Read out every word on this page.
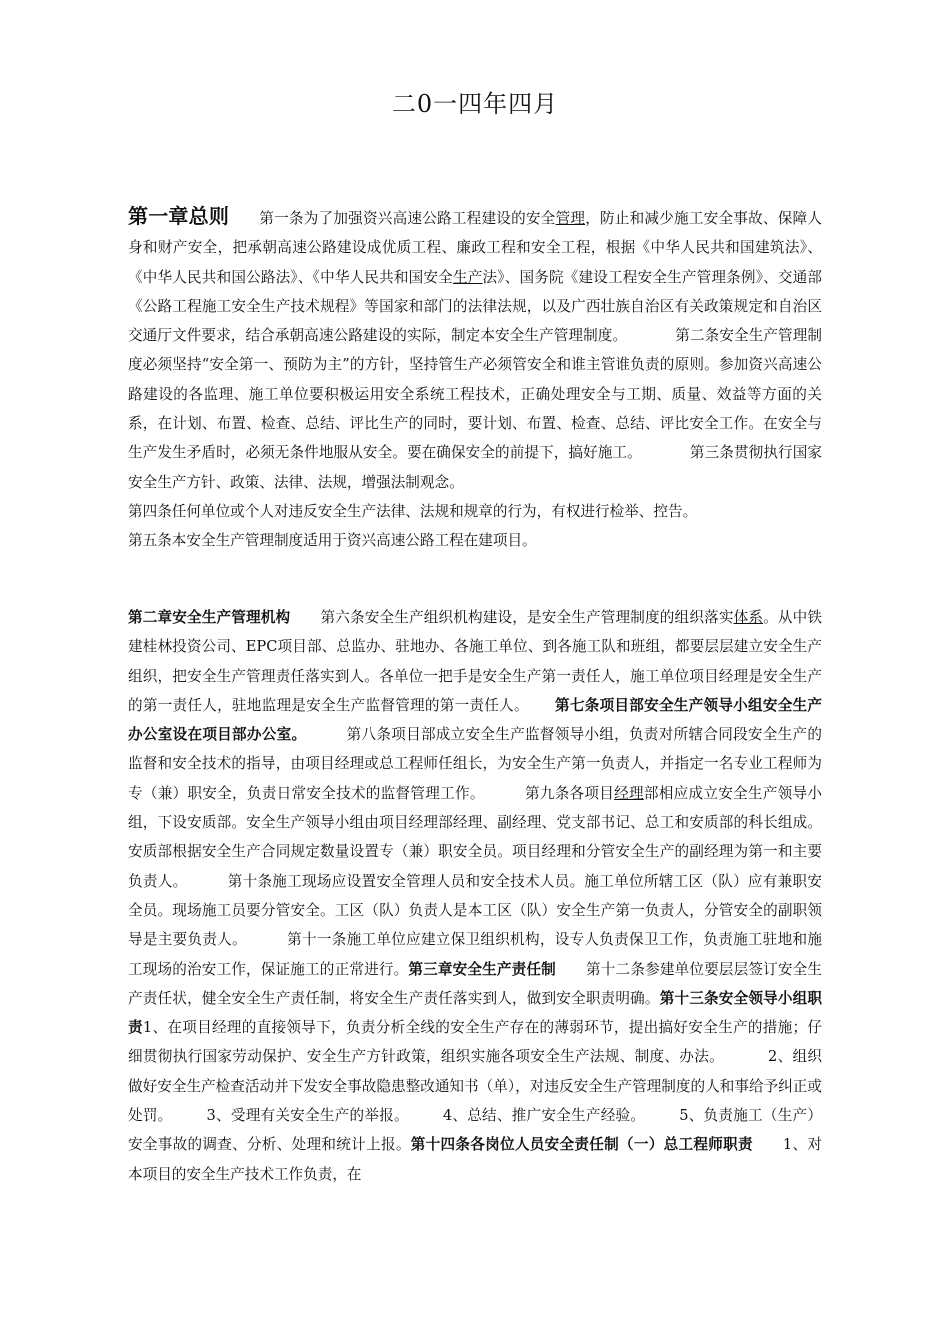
二0一四年四月
第一章总则 第一条为了加强资兴高速公路工程建设的安全管理，防止和减少施工安全事故、保障人身和财产安全，把承朝高速公路建设成优质工程、廉政工程和安全工程，根据《中华人民共和国建筑法》、《中华人民共和国公路法》、《中华人民共和国安全生产法》、国务院《建设工程安全生产管理条例》、交通部《公路工程施工安全生产技术规程》等国家和部门的法律法规，以及广西壮族自治区有关政策规定和自治区交通厅文件要求，结合承朝高速公路建设的实际，制定本安全生产管理制度。	第二条安全生产管理制度必须坚持“安全第一、预防为主”的方针，坚持管生产必须管安全和谁主管谁负责的原则。参加资兴高速公路建设的各监理、施工单位要积极运用安全系统工程技术，正确处理安全与工期、质量、效益等方面的关系，在计划、布置、检查、总结、评比生产的同时，要计划、布置、检查、总结、评比安全工作。在安全与生产发生矛盾时，必须无条件地服从安全。要在确保安全的前提下，搞好施工。	第三条贯彻执行国家安全生产方针、政策、法律、法规，增强法制观念。
第四条任何单位或个人对违反安全生产法律、法规和规章的行为，有权进行检举、控告。
第五条本安全生产管理制度适用于资兴高速公路工程在建项目。
第二章安全生产管理机构 第六条安全生产组织机构建设，是安全生产管理制度的组织落实体系。从中铁建桂林投资公司、EPC项目部、总监办、驻地办、各施工单位、到各施工队和班组，都要层层建立安全生产组织，把安全生产管理责任落实到人。各单位一把手是安全生产第一责任人，施工单位项目经理是安全生产的第一责任人，驻地监理是安全生产监督管理的第一责任人。 第七条项目部安全生产领导小组安全生产办公室设在项目部办公室。	第八条项目部成立安全生产监督领导小组，负责对所辖合同段安全生产的监督和安全技术的指导，由项目经理或总工程师任组长，为安全生产第一负责人，并指定一名专业工程师为专（兼）职安全，负责日常安全技术的监督管理工作。	第九条各项目经理部相应成立安全生产领导小组，下设安质部。安全生产领导小组由项目经理部经理、副经理、党支部书记、总工和安质部的科长组成。安质部根据安全生产合同规定数量设置专（兼）职安全员。项目经理和分管安全生产的副经理为第一和主要负责人。	第十条施工现场应设置安全管理人员和安全技术人员。施工单位所辖工区（队）应有兼职安全员。现场施工员要分管安全。工区（队）负责人是本工区（队）安全生产第一负责人，分管安全的副职领导是主要负责人。	第十一条施工单位应建立保卫组织机构，设专人负责保卫工作，负责施工驻地和施工现场的治安工作，保证施工的正常进行。第三章安全生产责任制 第十二条参建单位要层层签订安全生产责任状，健全安全生产责任制，将安全生产责任落实到人，做到安全职责明确。第十三条安全领导小组职责1、在项目经理的直接领导下，负责分析全线的安全生产存在的薄弱环节，提出搞好安全生产的措施；仔细贯彻执行国家劳动保护、安全生产方针政策，组织实施各项安全生产法规、制度、办法。	2、组织做好安全生产检查活动并下发安全事故隐患整改通知书（单），对违反安全生产管理制度的人和事给予纠正或处罚。 3、受理有关安全生产的举报。 4、总结、推广安全生产经验。 5、负责施工（生产）安全事故的调查、分析、处理和统计上报。第十四条各岗位人员安全责任制（一）总工程师职责 1、对本项目的安全生产技术工作负责，在
